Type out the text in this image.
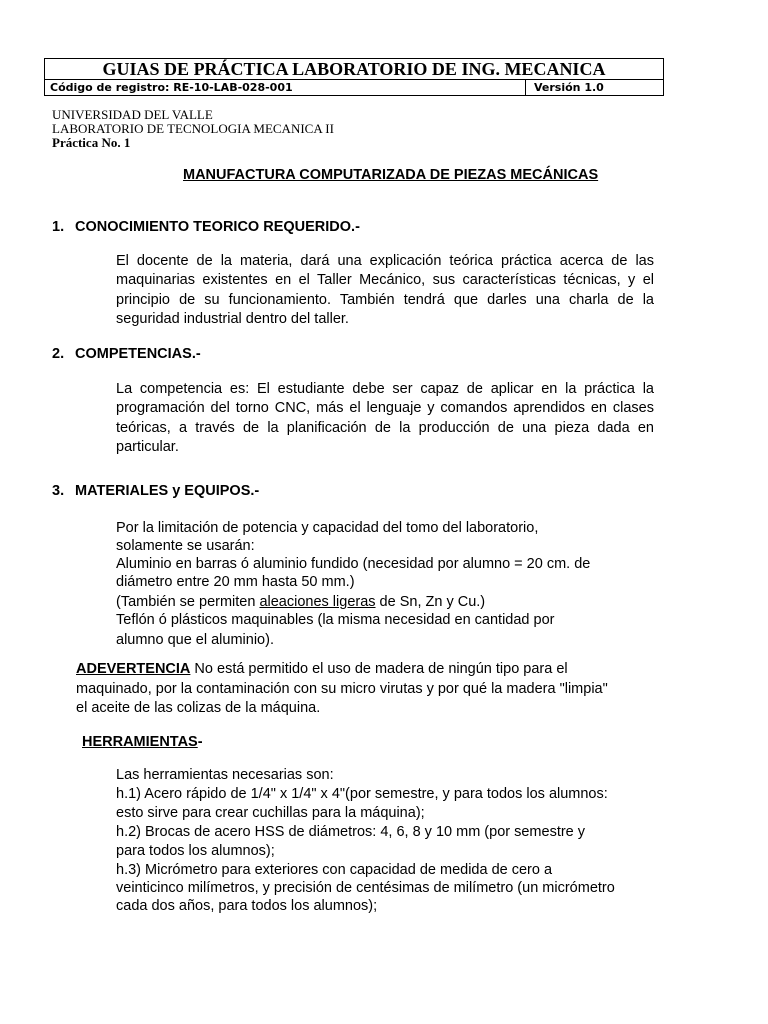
GUIAS DE PRÁCTICA LABORATORIO DE ING. MECANICA
Código de registro: RE-10-LAB-028-001	Versión 1.0
UNIVERSIDAD DEL VALLE
LABORATORIO DE TECNOLOGIA MECANICA II
Práctica No. 1
MANUFACTURA COMPUTARIZADA DE PIEZAS MECÁNICAS
1. CONOCIMIENTO TEORICO REQUERIDO.-
El docente de la materia, dará una explicación teórica práctica acerca de las maquinarias existentes en el Taller Mecánico, sus características técnicas, y el principio de su funcionamiento. También tendrá que darles una charla de la seguridad industrial dentro del taller.
2. COMPETENCIAS.-
La competencia es: El estudiante debe ser capaz de aplicar en la práctica la programación del torno CNC, más el lenguaje y comandos aprendidos en clases teóricas, a través de la planificación de la producción de una pieza dada en particular.
3. MATERIALES y EQUIPOS.-
Por la limitación de potencia y capacidad del tomo del laboratorio,
solamente se usarán:
Aluminio en barras ó aluminio fundido (necesidad por alumno = 20 cm. de
diámetro entre 20 mm hasta 50 mm.)
(También se permiten aleaciones ligeras de Sn, Zn y Cu.)
Teflón ó plásticos maquinables (la misma necesidad en cantidad por
alumno que el aluminio).
ADEVERTENCIA No está permitido el uso de madera de ningún tipo para el
maquinado, por la contaminación con su micro virutas y por qué la madera "limpia"
el aceite de las colizas de la máquina.
HERRAMIENTAS-
Las herramientas necesarias son:
h.1) Acero rápido de 1/4" x 1/4" x 4"(por semestre, y para todos los alumnos:
esto sirve para crear cuchillas para la máquina);
h.2) Brocas de acero HSS de diámetros: 4, 6, 8 y 10 mm (por semestre y
para todos los alumnos);
h.3) Micrómetro para exteriores con capacidad de medida de cero a
veinticinco milímetros, y precisión de centésimas de milímetro (un micrómetro
cada dos años, para todos los alumnos);
